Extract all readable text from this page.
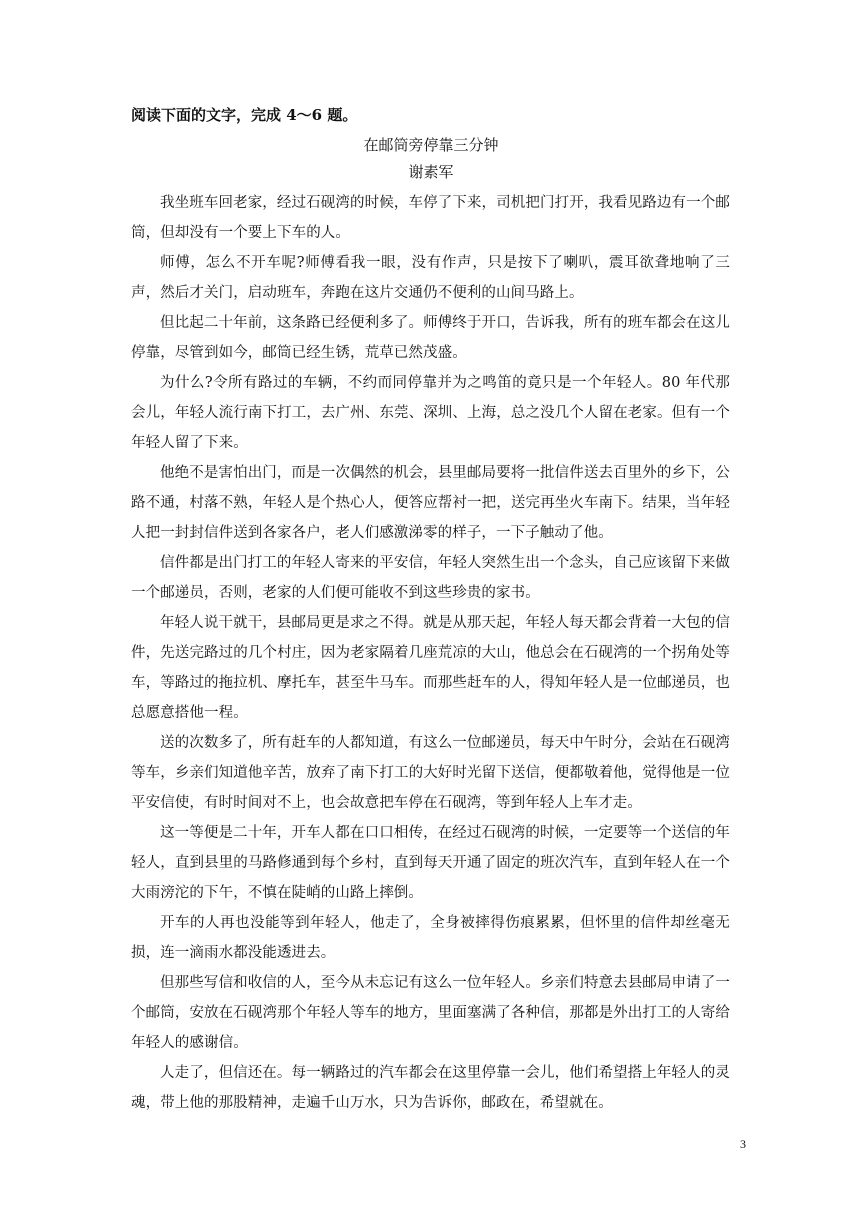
阅读下面的文字，完成 4～6 题。
在邮筒旁停靠三分钟
谢素军

我坐班车回老家，经过石砚湾的时候，车停了下来，司机把门打开，我看见路边有一个邮筒，但却没有一个要上下车的人。

师傅，怎么不开车呢?师傅看我一眼，没有作声，只是按下了喇叭，震耳欲聋地响了三声，然后才关门，启动班车，奔跑在这片交通仍不便利的山间马路上。

但比起二十年前，这条路已经便利多了。师傅终于开口，告诉我，所有的班车都会在这儿停靠，尽管到如今，邮筒已经生锈，荒草已然茂盛。

为什么?令所有路过的车辆，不约而同停靠并为之鸣笛的竟只是一个年轻人。80 年代那会儿，年轻人流行南下打工，去广州、东莞、深圳、上海，总之没几个人留在老家。但有一个年轻人留了下来。

他绝不是害怕出门，而是一次偶然的机会，县里邮局要将一批信件送去百里外的乡下，公路不通，村落不熟，年轻人是个热心人，便答应帮衬一把，送完再坐火车南下。结果，当年轻人把一封封信件送到各家各户，老人们感激涕零的样子，一下子触动了他。

信件都是出门打工的年轻人寄来的平安信，年轻人突然生出一个念头，自己应该留下来做一个邮递员，否则，老家的人们便可能收不到这些珍贵的家书。

年轻人说干就干，县邮局更是求之不得。就是从那天起，年轻人每天都会背着一大包的信件，先送完路过的几个村庄，因为老家隔着几座荒凉的大山，他总会在石砚湾的一个拐角处等车，等路过的拖拉机、摩托车，甚至牛马车。而那些赶车的人，得知年轻人是一位邮递员，也总愿意搭他一程。

送的次数多了，所有赶车的人都知道，有这么一位邮递员，每天中午时分，会站在石砚湾等车，乡亲们知道他辛苦，放弃了南下打工的大好时光留下送信，便都敬着他，觉得他是一位平安信使，有时时间对不上，也会故意把车停在石砚湾，等到年轻人上车才走。

这一等便是二十年，开车人都在口口相传，在经过石砚湾的时候，一定要等一个送信的年轻人，直到县里的马路修通到每个乡村，直到每天开通了固定的班次汽车，直到年轻人在一个大雨滂沱的下午，不慎在陡峭的山路上摔倒。

开车的人再也没能等到年轻人，他走了，全身被摔得伤痕累累，但怀里的信件却丝毫无损，连一滴雨水都没能透进去。

但那些写信和收信的人，至今从未忘记有这么一位年轻人。乡亲们特意去县邮局申请了一个邮筒，安放在石砚湾那个年轻人等车的地方，里面塞满了各种信，那都是外出打工的人寄给年轻人的感谢信。

人走了，但信还在。每一辆路过的汽车都会在这里停靠一会儿，他们希望搭上年轻人的灵魂，带上他的那股精神，走遍千山万水，只为告诉你，邮政在，希望就在。

3
